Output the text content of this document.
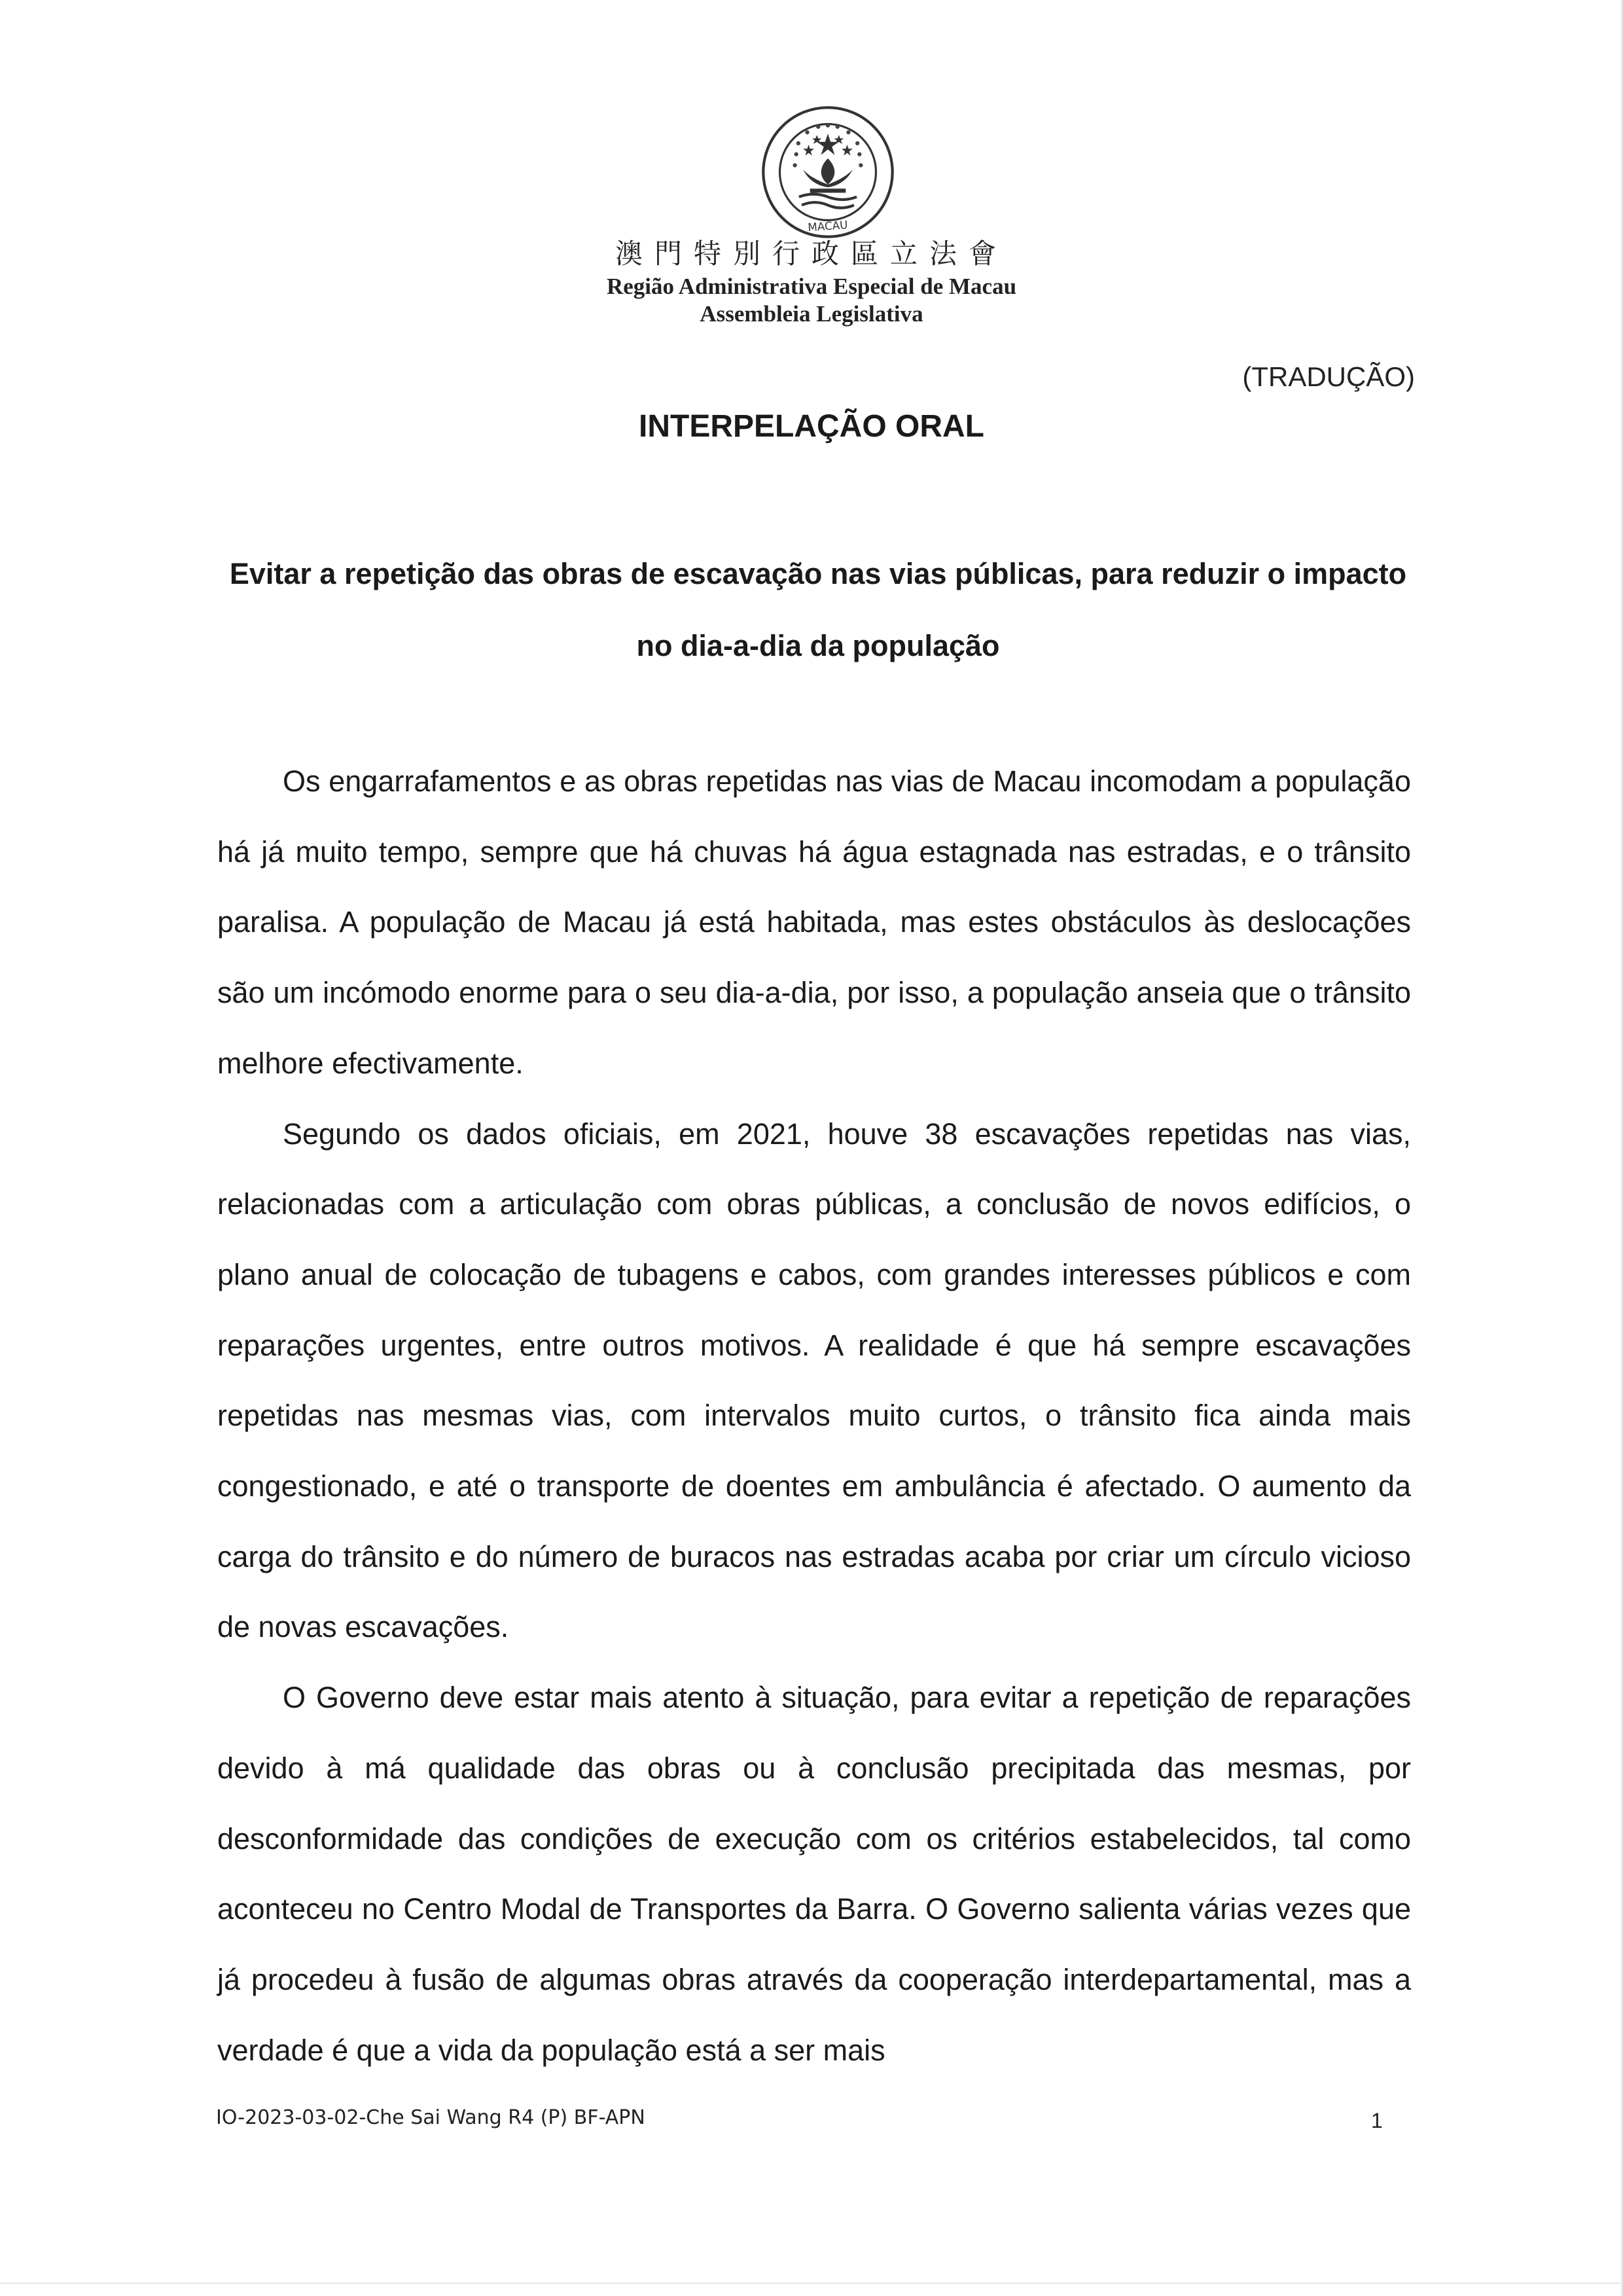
MACAU
澳門特別行政區立法會
Região Administrativa Especial de Macau
Assembleia Legislativa
(TRADUÇÃO)
INTERPELAÇÃO ORAL
Evitar a repetição das obras de escavação nas vias públicas, para reduzir o impacto no dia-a-dia da população

Os engarrafamentos e as obras repetidas nas vias de Macau incomodam a população há já muito tempo, sempre que há chuvas há água estagnada nas estradas, e o trânsito paralisa. A população de Macau já está habitada, mas estes obstáculos às deslocações são um incómodo enorme para o seu dia-a-dia, por isso, a população anseia que o trânsito melhore efectivamente.

Segundo os dados oficiais, em 2021, houve 38 escavações repetidas nas vias, relacionadas com a articulação com obras públicas, a conclusão de novos edifícios, o plano anual de colocação de tubagens e cabos, com grandes interesses públicos e com reparações urgentes, entre outros motivos. A realidade é que há sempre escavações repetidas nas mesmas vias, com intervalos muito curtos, o trânsito fica ainda mais congestionado, e até o transporte de doentes em ambulância é afectado. O aumento da carga do trânsito e do número de buracos nas estradas acaba por criar um círculo vicioso de novas escavações.

O Governo deve estar mais atento à situação, para evitar a repetição de reparações devido à má qualidade das obras ou à conclusão precipitada das mesmas, por desconformidade das condições de execução com os critérios estabelecidos, tal como aconteceu no Centro Modal de Transportes da Barra. O Governo salienta várias vezes que já procedeu à fusão de algumas obras através da cooperação interdepartamental, mas a verdade é que a vida da população está a ser mais

IO-2023-03-02-Che Sai Wang R4 (P) BF-APN	1
